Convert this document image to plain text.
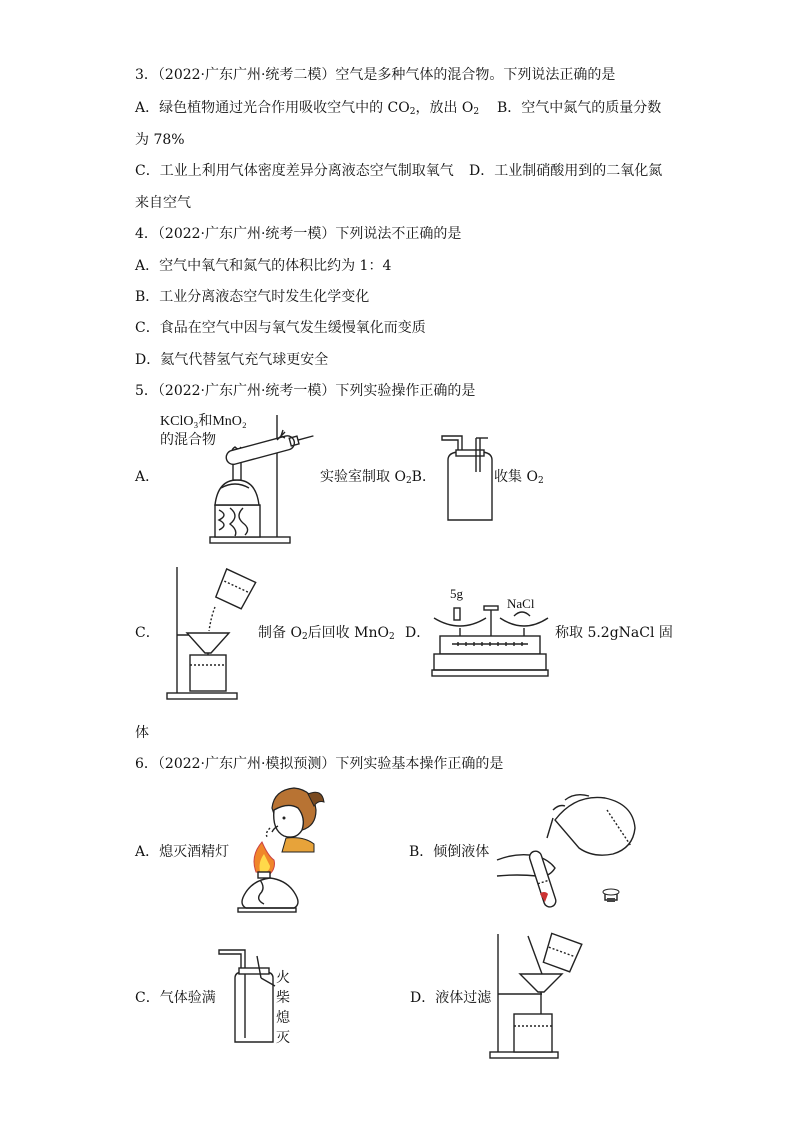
3．（2022·广东广州·统考二模）空气是多种气体的混合物。下列说法正确的是
A．绿色植物通过光合作用吸收空气中的 $CO_2$，放出 $O_2$ B．空气中氮气的质量分数
为 78%
C．工业上利用气体密度差异分离液态空气制取氧气 D．工业制硝酸用到的二氧化氮
来自空气
4．（2022·广东广州·统考一模）下列说法不正确的是
A．空气中氧气和氮气的体积比约为 1：4
B．工业分离液态空气时发生化学变化
C．食品在空气中因与氧气发生缓慢氧化而变质
D．氦气代替氢气充气球更安全
5．（2022·广东广州·统考一模）下列实验操作正确的是
KClO₃和MnO₂
的混合物
A．	实验室制取 $O_2B$．	收集 $O_2$
C．	制备 $O_2$后回收 MnO$_2$
5g
NaCl
D．	称取 5.2gNaCl 固
体
6．（2022·广东广州·模拟预测）下列实验基本操作正确的是
A．熄灭酒精灯	B．倾倒液体
火
柴
熄
灭
C．气体验满	D．液体过滤
